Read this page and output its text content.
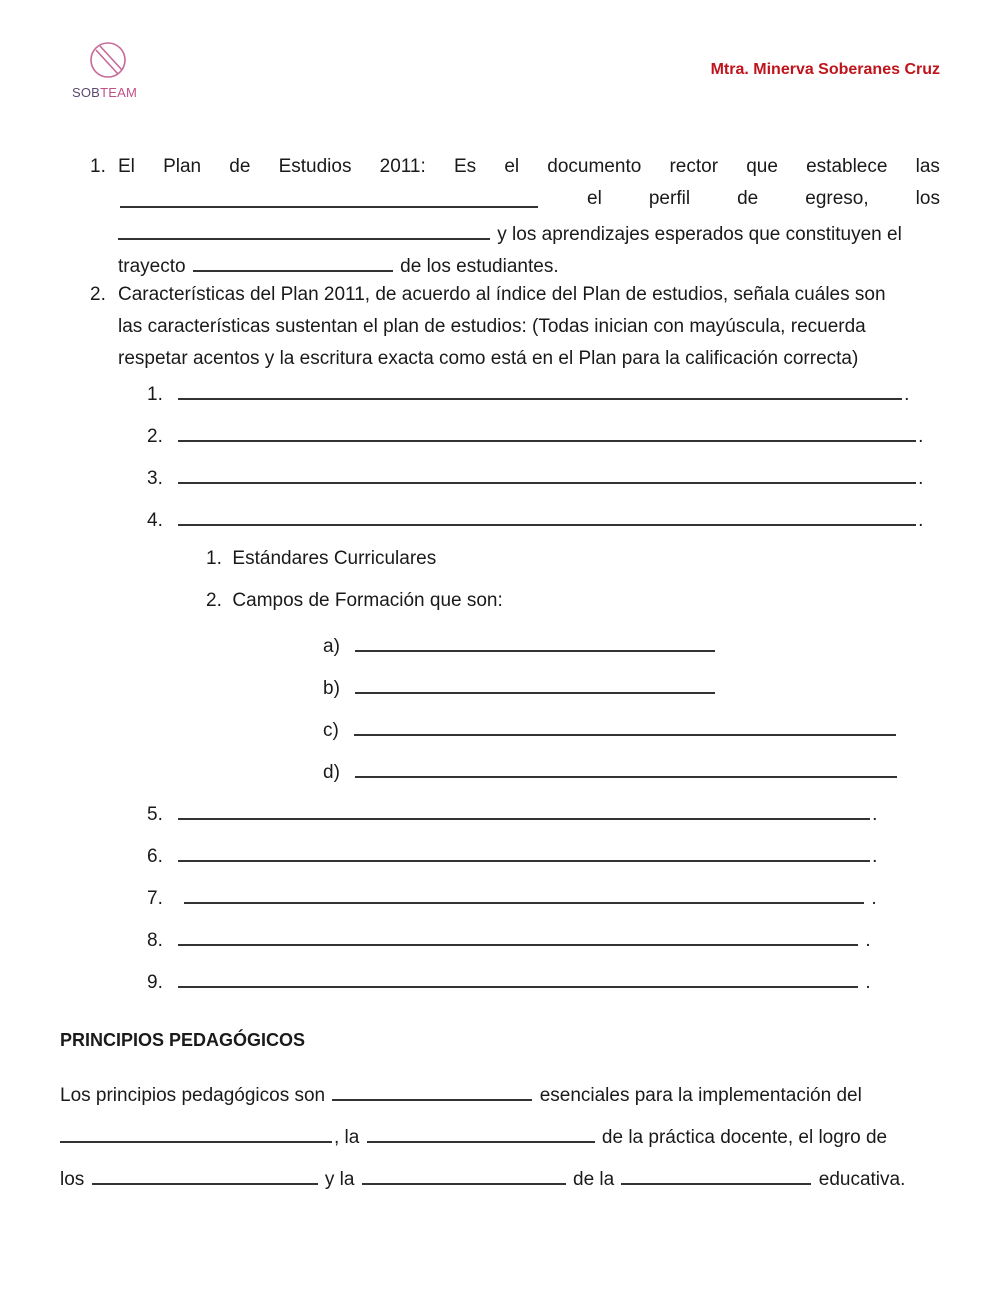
SOBTEAM
Mtra. Minerva Soberanes Cruz
1. El Plan de Estudios 2011: Es el documento rector que establece las
el perfil de egreso, los
y los aprendizajes esperados que constituyen el
trayecto	de los estudiantes.
2. Características del Plan 2011, de acuerdo al índice del Plan de estudios, señala cuáles son
las características sustentan el plan de estudios: (Todas inician con mayúscula, recuerda
respetar acentos y la escritura exacta como está en el Plan para la calificación correcta)
1.	.
2.	.
3.	.
4.	.
1. Estándares Curriculares
2. Campos de Formación que son:
a)
b)
c)
d)
5.	.
6.	.
7.	.
8.	.
9.	.
PRINCIPIOS PEDAGÓGICOS
Los principios pedagógicos son	esenciales para la implementación del
, la	de la práctica docente, el logro de
los	y la	de la	educativa.
